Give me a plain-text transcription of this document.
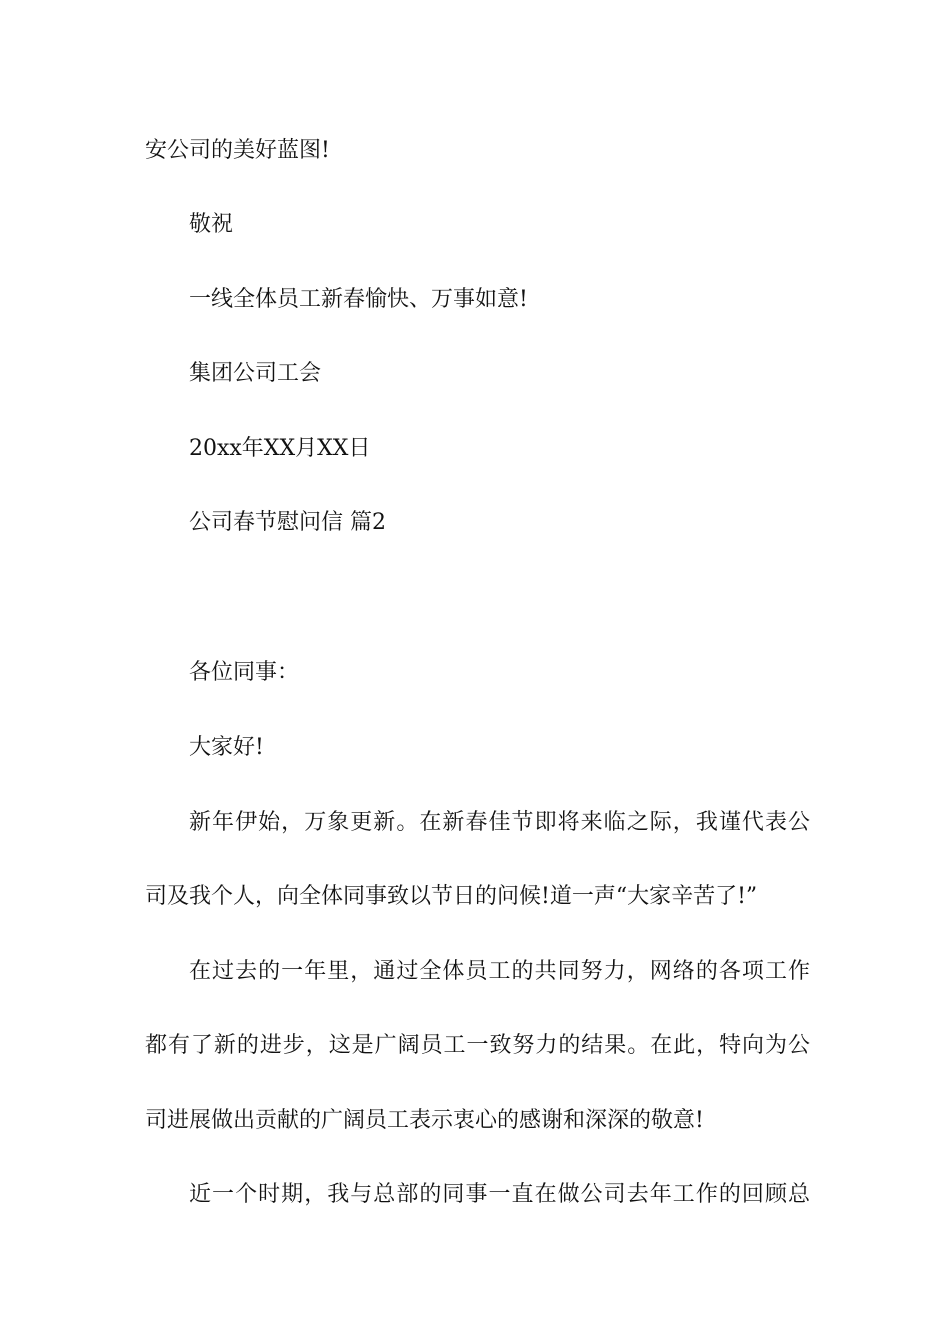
安公司的美好蓝图!
敬祝
一线全体员工新春愉快、万事如意!
集团公司工会
20xx年XX月XX日
公司春节慰问信 篇2
各位同事：
大家好!
新年伊始，万象更新。在新春佳节即将来临之际，我谨代表公
司及我个人，向全体同事致以节日的问候!道一声“大家辛苦了!”
在过去的一年里，通过全体员工的共同努力，网络的各项工作
都有了新的进步，这是广阔员工一致努力的结果。在此，特向为公
司进展做出贡献的广阔员工表示衷心的感谢和深深的敬意!
近一个时期，我与总部的同事一直在做公司去年工作的回顾总
